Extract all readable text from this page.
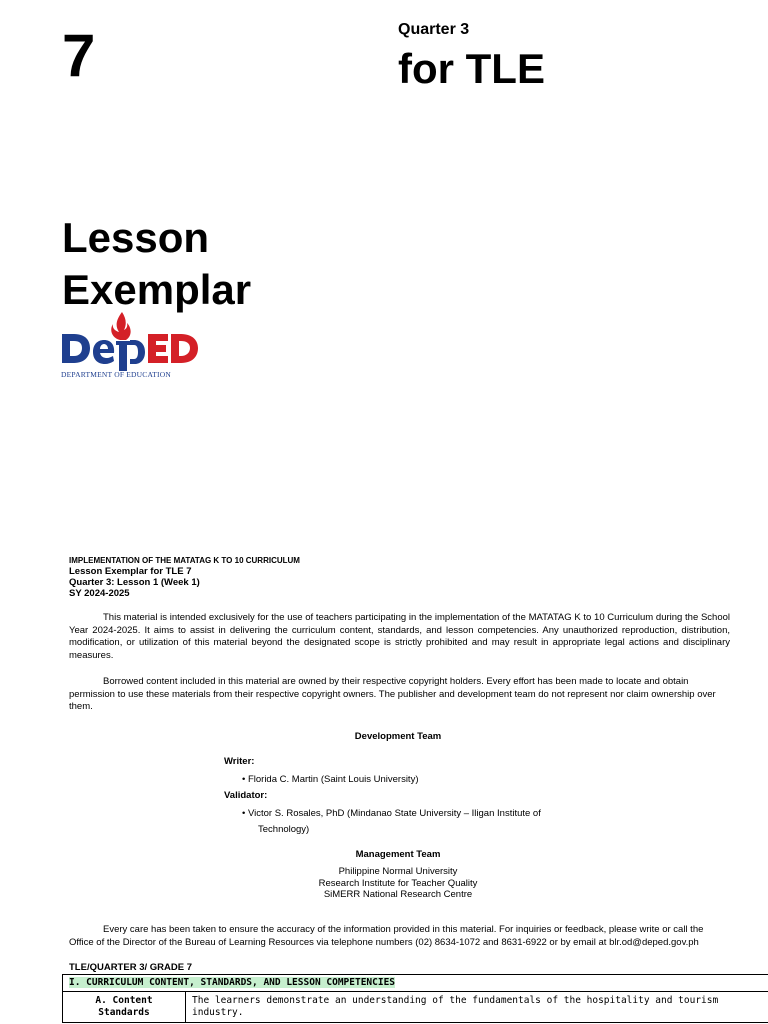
7	Quarter 3
for TLE
Lesson
Exemplar
DEPARTMENT OF EDUCATION
IMPLEMENTATION OF THE MATATAG K TO 10 CURRICULUM
Lesson Exemplar for TLE 7
Quarter 3: Lesson 1 (Week 1)
SY 2024-2025
This material is intended exclusively for the use of teachers participating in the implementation of the MATATAG K to 10 Curriculum during the School Year 2024-2025. It aims to assist in delivering the curriculum content, standards, and lesson competencies. Any unauthorized reproduction, distribution, modification, or utilization of this material beyond the designated scope is strictly prohibited and may result in appropriate legal actions and disciplinary measures.
Borrowed content included in this material are owned by their respective copyright holders. Every effort has been made to locate and obtain permission to use these materials from their respective copyright owners. The publisher and development team do not represent nor claim ownership over them.
Development Team
Writer:
• Florida C. Martin (Saint Louis University)
Validator:
• Victor S. Rosales, PhD (Mindanao State University – Iligan Institute of
Technology)
Management Team
Philippine Normal University
Research Institute for Teacher Quality
SiMERR National Research Centre
Every care has been taken to ensure the accuracy of the information provided in this material. For inquiries or feedback, please write or call the Office of the Director of the Bureau of Learning Resources via telephone numbers (02) 8634-1072 and 8631-6922 or by email at blr.od@deped.gov.ph
TLE/QUARTER 3/ GRADE 7
I. CURRICULUM CONTENT, STANDARDS, AND LESSON COMPETENCIES
A. Content Standards	The learners demonstrate an understanding of the fundamentals of the hospitality and tourism industry.
